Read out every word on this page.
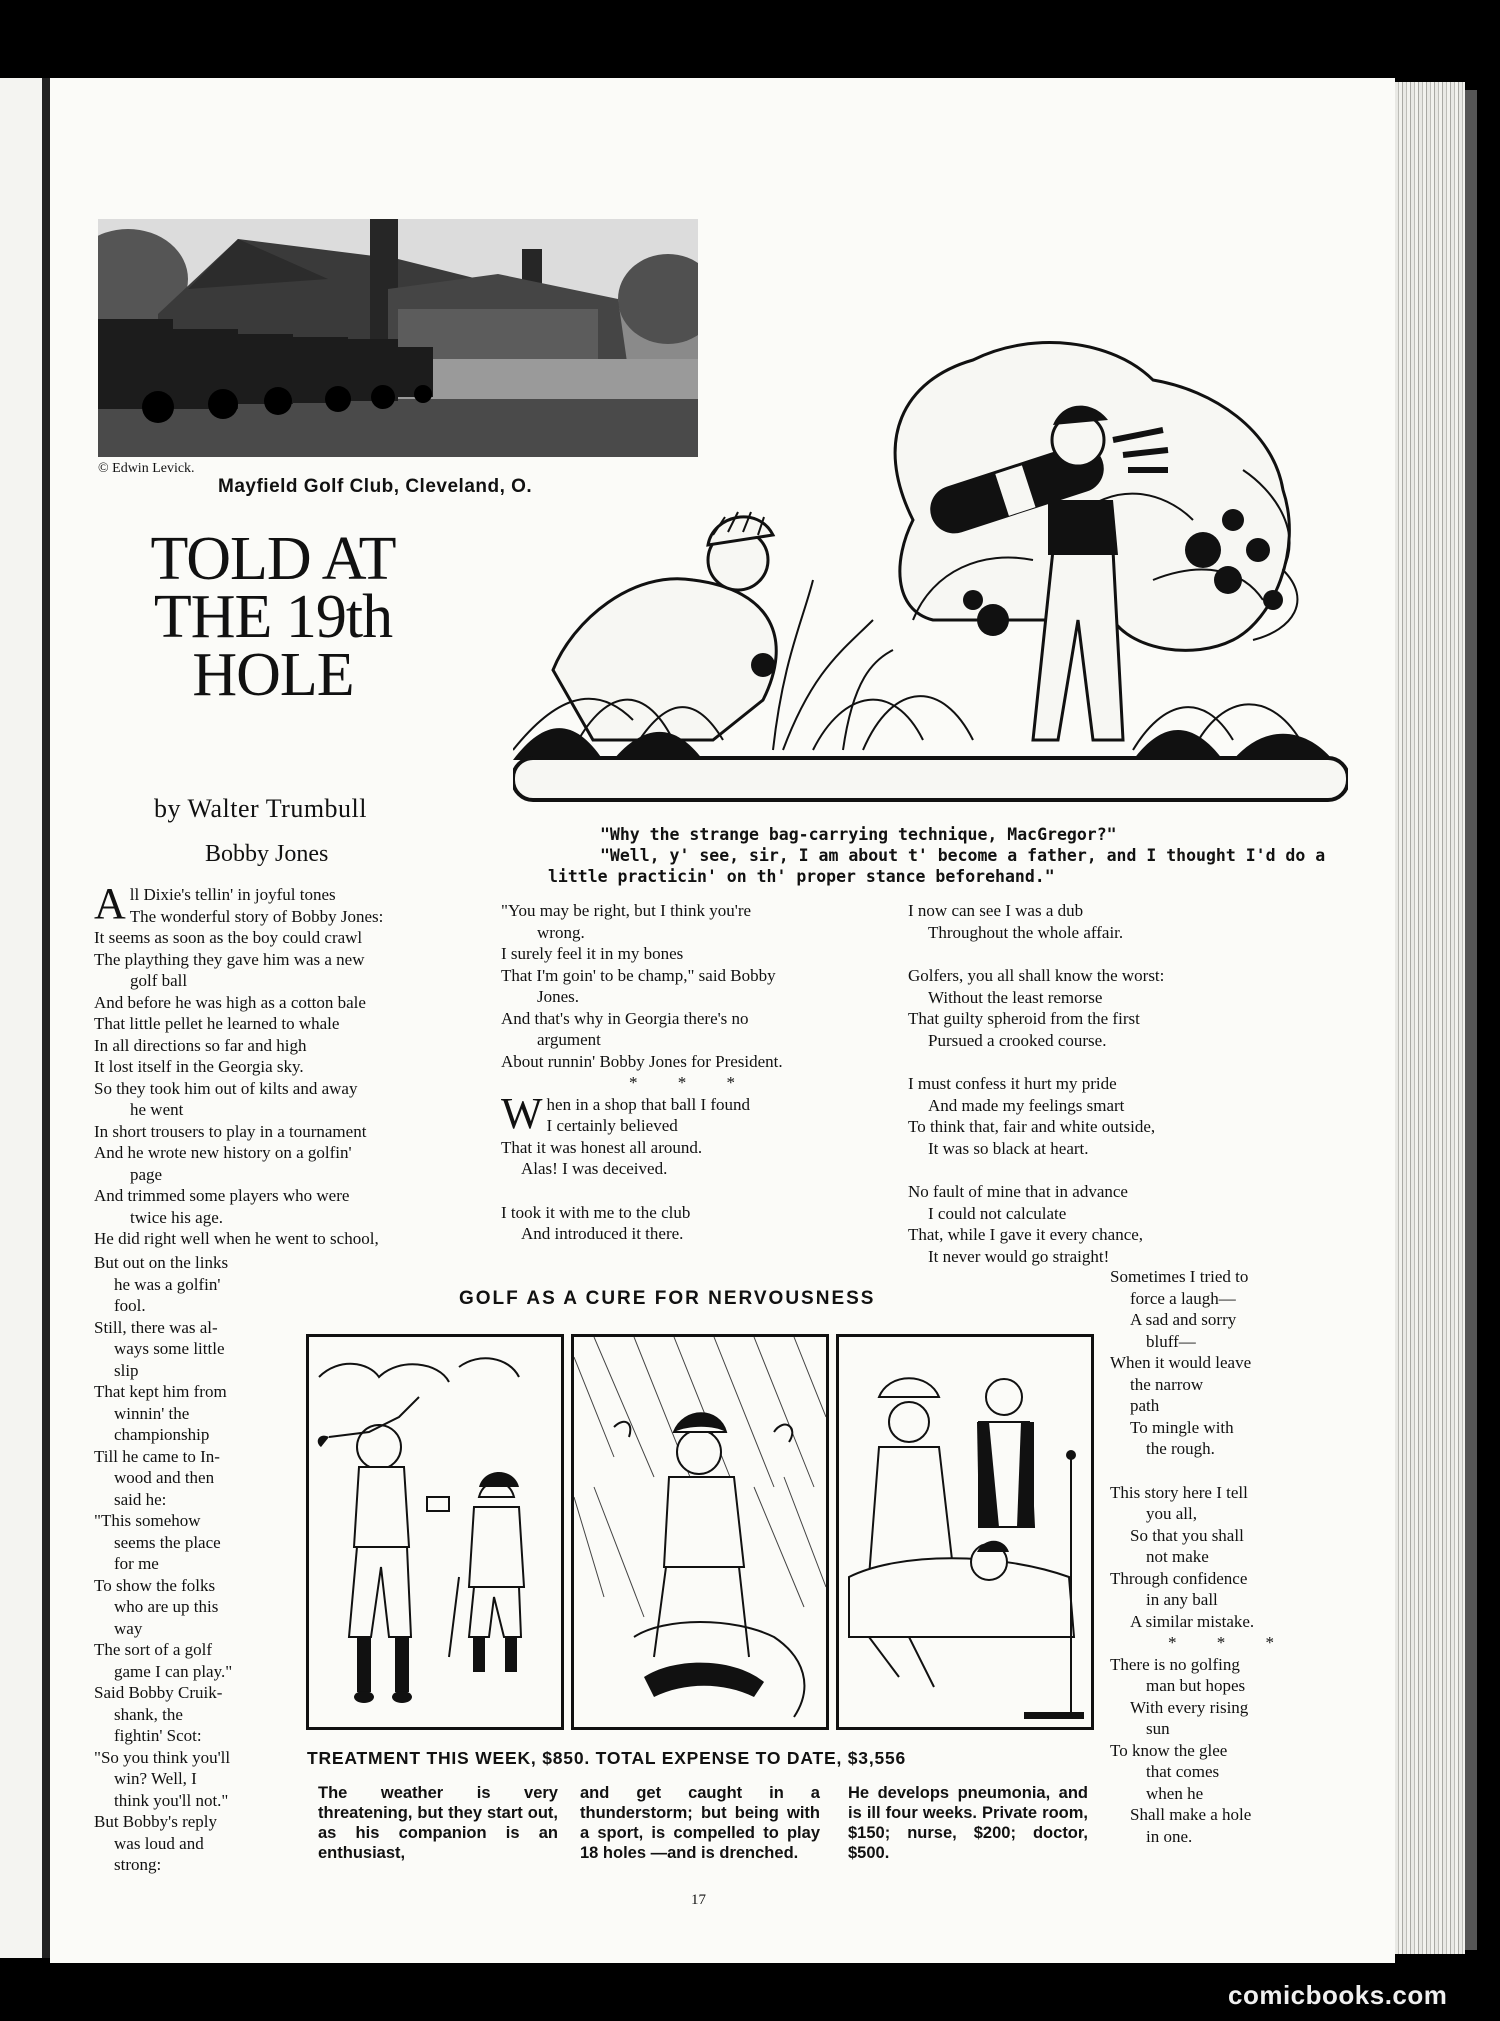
© Edwin Levick.
Mayfield Golf Club, Cleveland, O.
TOLD AT
THE 19th
HOLE
by Walter Trumbull
Bobby Jones

"Why the strange bag-carrying technique, MacGregor?"

"Well, y' see, sir, I am about t' become a father, and I thought I'd do a little practicin' on th' proper stance beforehand."

All Dixie's tellin' in joyful tones
The wonderful story of Bobby Jones:
It seems as soon as the boy could crawl
The plaything they gave him was a new
golf ball
And before he was high as a cotton bale
That little pellet he learned to whale
In all directions so far and high
It lost itself in the Georgia sky.
So they took him out of kilts and away
he went
In short trousers to play in a tournament
And he wrote new history on a golfin'
page
And trimmed some players who were
twice his age.
He did right well when he went to school,
But out on the links
he was a golfin'
fool.
Still, there was al-
ways some little
slip
That kept him from
winnin' the
championship
Till he came to In-
wood and then
said he:
"This somehow
seems the place
for me
To show the folks
who are up this
way
The sort of a golf
game I can play."
Said Bobby Cruik-
shank, the
fightin' Scot:
"So you think you'll
win? Well, I
think you'll not."
But Bobby's reply
was loud and
strong:
"You may be right, but I think you're
wrong.
I surely feel it in my bones
That I'm goin' to be champ," said Bobby
Jones.
And that's why in Georgia there's no
argument
About runnin' Bobby Jones for President.
* * *
When in a shop that ball I found
I certainly believed
That it was honest all around.
Alas! I was deceived.
I took it with me to the club
And introduced it there.
I now can see I was a dub
Throughout the whole affair.
Golfers, you all shall know the worst:
Without the least remorse
That guilty spheroid from the first
Pursued a crooked course.
I must confess it hurt my pride
And made my feelings smart
To think that, fair and white outside,
It was so black at heart.
No fault of mine that in advance
I could not calculate
That, while I gave it every chance,
It never would go straight!
Sometimes I tried to
force a laugh—
A sad and sorry
bluff—
When it would leave
the narrow
path
To mingle with
the rough.
This story here I tell
you all,
So that you shall
not make
Through confidence
in any ball
A similar mistake.
* * *
There is no golfing
man but hopes
With every rising
sun
To know the glee
that comes
when he
Shall make a hole
in one.
GOLF AS A CURE FOR NERVOUSNESS
TREATMENT THIS WEEK, $850. TOTAL EXPENSE TO DATE, $3,556
The weather is very threatening, but they start out, as his companion is an enthusiast,
and get caught in a thunderstorm; but being with a sport, is compelled to play 18 holes —and is drenched.
He develops pneumonia, and is ill four weeks. Private room, $150; nurse, $200; doctor, $500.
17
comicbooks.com
